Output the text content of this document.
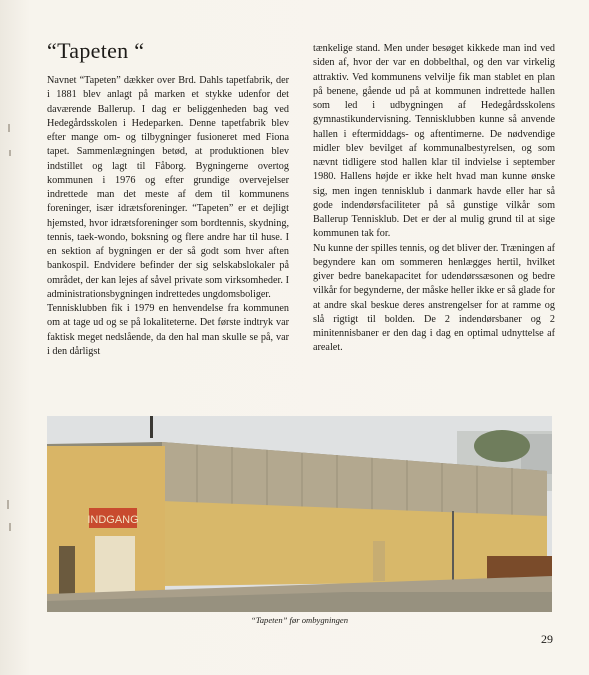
“Tapeten “

Navnet “Tapeten” dækker over Brd. Dahls tapetfabrik, der i 1881 blev anlagt på marken et stykke udenfor det daværende Ballerup. I dag er beliggenheden bag ved Hedegårdsskolen i Hedeparken. Denne tapetfabrik blev efter mange om- og tilbygninger fusioneret med Fiona tapet. Sammenlægningen betød, at produktionen blev indstillet og lagt til Fåborg. Bygningerne overtog kommunen i 1976 og efter grundige overvejelser indrettede man det meste af dem til kommunens foreninger, især idrætsforeninger. “Tapeten” er et dejligt hjemsted, hvor idrætsforeninger som bordtennis, skydning, tennis, taek-wondo, boksning og flere andre har til huse. I en sektion af bygningen er der så godt som hver aften bankospil. Endvidere befinder der sig selskabslokaler på området, der kan lejes af såvel private som virksomheder. I administrationsbygningen indrettedes ungdomsboliger.

Tennisklubben fik i 1979 en henvendelse fra kommunen om at tage ud og se på lokaliteterne. Det første indtryk var faktisk meget nedslående, da den hal man skulle se på, var i den dårligst

tænkelige stand. Men under besøget kikkede man ind ved siden af, hvor der var en dobbelthal, og den var virkelig attraktiv. Ved kommunens velvilje fik man stablet en plan på benene, gående ud på at kommunen indrettede hallen som led i udbygningen af Hedegårdsskolens gymnastikundervisning. Tennisklubben kunne så anvende hallen i eftermiddags- og aftentimerne. De nødvendige midler blev bevilget af kommunalbestyrelsen, og som nævnt tidligere stod hallen klar til indvielse i september 1980. Hallens højde er ikke helt hvad man kunne ønske sig, men ingen tennisklub i danmark havde eller har så gode indendørsfaciliteter på så gunstige vilkår som Ballerup Tennisklub. Det er der al mulig grund til at sige kommunen tak for.

Nu kunne der spilles tennis, og det bliver der. Træningen af begyndere kan om sommeren henlægges hertil, hvilket giver bedre banekapacitet for udendørssæsonen og bedre vilkår for begynderne, der måske heller ikke er så glade for at andre skal beskue deres anstrengelser for at ramme og slå rigtigt til bolden. De 2 indendørsbaner og 2 minitennisbaner er den dag i dag en optimal udnyttelse af arealet.

INDGANG
“Tapeten” før ombygningen
29
